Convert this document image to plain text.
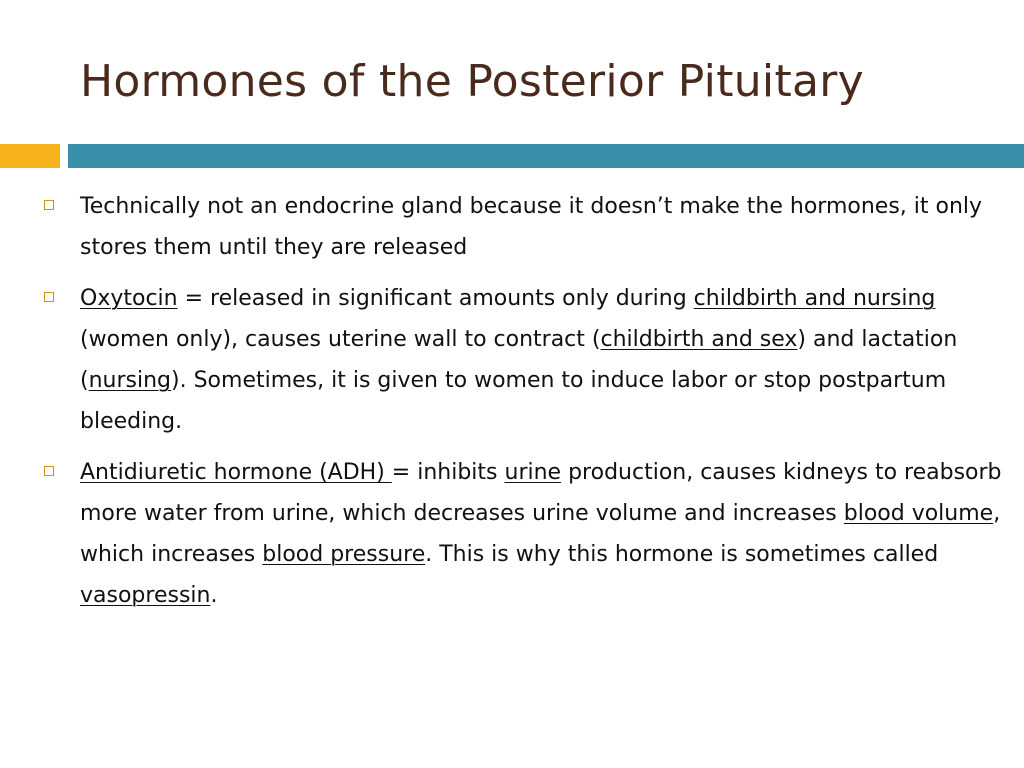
Hormones of the Posterior Pituitary
Technically not an endocrine gland because it doesn’t make the hormones, it only stores them until they are released
Oxytocin = released in significant amounts only during childbirth and nursing (women only), causes uterine wall to contract (childbirth and sex) and lactation (nursing). Sometimes, it is given to women to induce labor or stop postpartum bleeding.
Antidiuretic hormone (ADH) = inhibits urine production, causes kidneys to reabsorb more water from urine, which decreases urine volume and increases blood volume, which increases blood pressure. This is why this hormone is sometimes called vasopressin.
